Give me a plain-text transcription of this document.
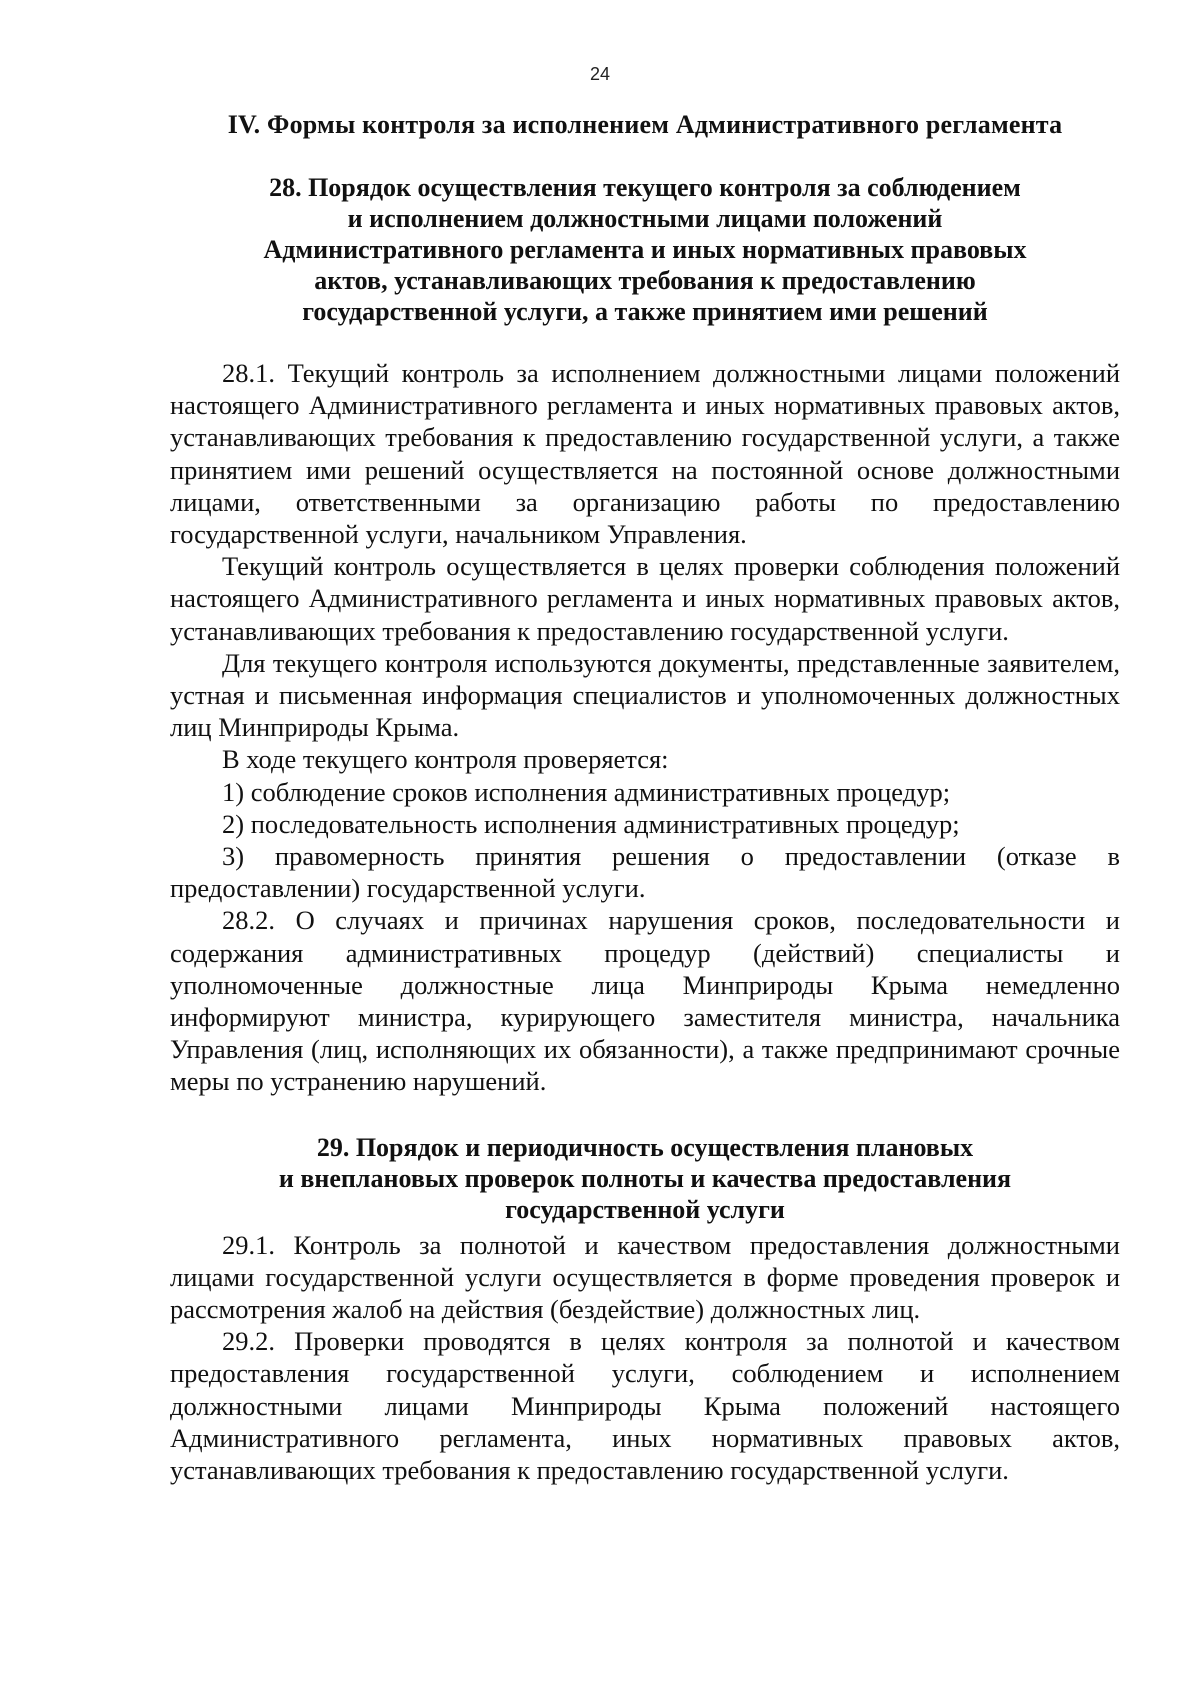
24
IV. Формы контроля за исполнением Административного регламента
28. Порядок осуществления текущего контроля за соблюдением
и исполнением должностными лицами положений
Административного регламента и иных нормативных правовых
актов, устанавливающих требования к предоставлению
государственной услуги, а также принятием ими решений

28.1. Текущий контроль за исполнением должностными лицами положений настоящего Административного регламента и иных нормативных правовых актов, устанавливающих требования к предоставлению государственной услуги, а также принятием ими решений осуществляется на постоянной основе должностными лицами, ответственными за организацию работы по предоставлению государственной услуги, начальником Управления.

Текущий контроль осуществляется в целях проверки соблюдения положений настоящего Административного регламента и иных нормативных правовых актов, устанавливающих требования к предоставлению государственной услуги.

Для текущего контроля используются документы, представленные заявителем, устная и письменная информация специалистов и уполномоченных должностных лиц Минприроды Крыма.

В ходе текущего контроля проверяется:

1) соблюдение сроков исполнения административных процедур;

2) последовательность исполнения административных процедур;

3) правомерность принятия решения о предоставлении (отказе в предоставлении) государственной услуги.

28.2. О случаях и причинах нарушения сроков, последовательности и содержания административных процедур (действий) специалисты и уполномоченные должностные лица Минприроды Крыма немедленно информируют министра, курирующего заместителя министра, начальника Управления (лиц, исполняющих их обязанности), а также предпринимают срочные меры по устранению нарушений.

29. Порядок и периодичность осуществления плановых
и внеплановых проверок полноты и качества предоставления
государственной услуги

29.1. Контроль за полнотой и качеством предоставления должностными лицами государственной услуги осуществляется в форме проведения проверок и рассмотрения жалоб на действия (бездействие) должностных лиц.

29.2. Проверки проводятся в целях контроля за полнотой и качеством предоставления государственной услуги, соблюдением и исполнением должностными лицами Минприроды Крыма положений настоящего Административного регламента, иных нормативных правовых актов, устанавливающих требования к предоставлению государственной услуги.
